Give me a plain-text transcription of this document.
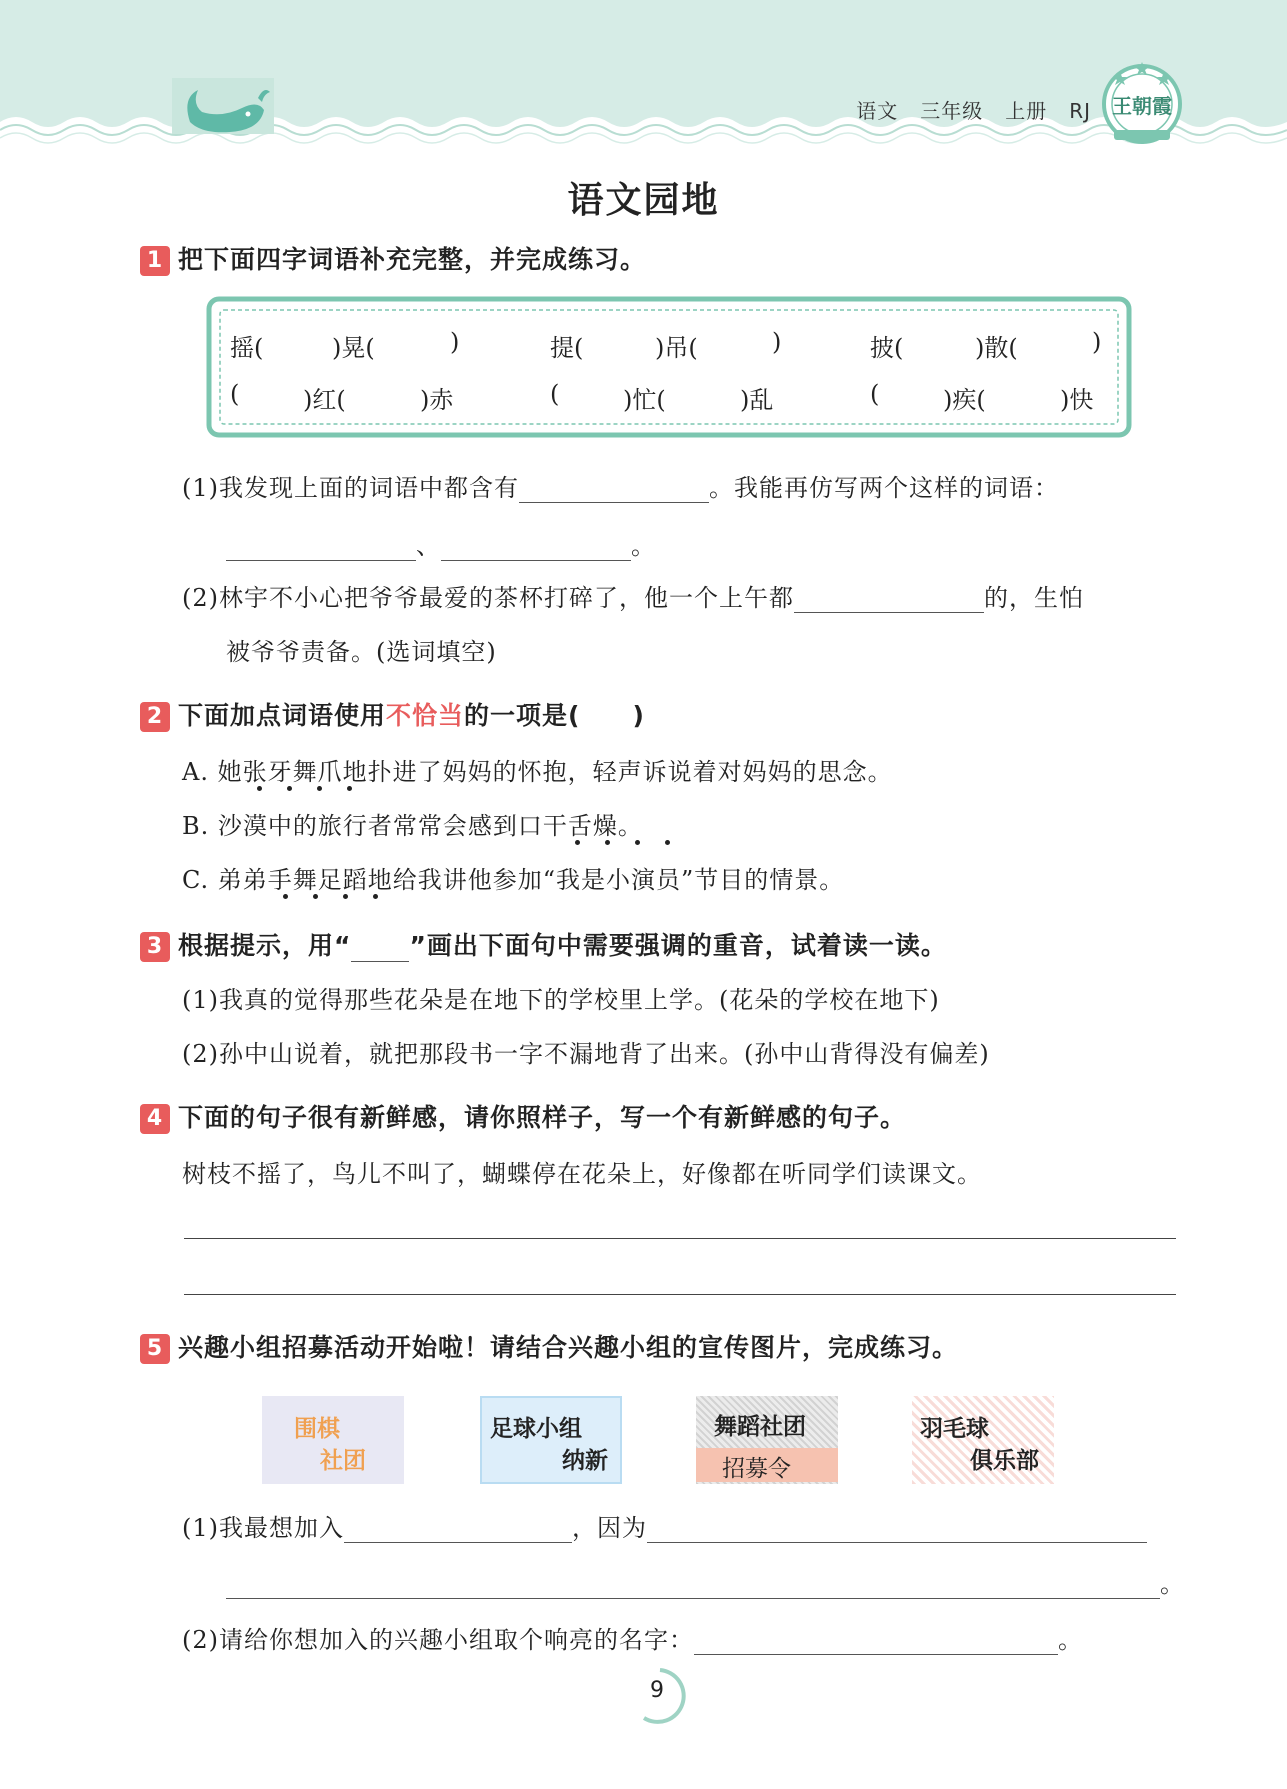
语文 三年级 上册 RJ 王朝霞
语文园地
1 把下面四字词语补充完整，并完成练习。
摇(	)晃(	)	提(	)吊(	)	披(	)散(	)
(	)红(	)赤	(	)忙(	)乱	(	)疾(	)快
(1)我发现上面的词语中都含有	。我能再仿写两个这样的词语：
、	。
(2)林宇不小心把爷爷最爱的茶杯打碎了，他一个上午都	的，生怕
被爷爷责备。(选词填空)
2 下面加点词语使用不恰当的一项是(　　)
A. 她张牙舞爪地扑进了妈妈的怀抱，轻声诉说着对妈妈的思念。
B. 沙漠中的旅行者常常会感到口干舌燥。
C. 弟弟手舞足蹈地给我讲他参加“我是小演员”节目的情景。
3 根据提示，用“ ”画出下面句中需要强调的重音，试着读一读。
(1)我真的觉得那些花朵是在地下的学校里上学。(花朵的学校在地下)
(2)孙中山说着，就把那段书一字不漏地背了出来。(孙中山背得没有偏差)
4 下面的句子很有新鲜感，请你照样子，写一个有新鲜感的句子。
树枝不摇了，鸟儿不叫了，蝴蝶停在花朵上，好像都在听同学们读课文。
5 兴趣小组招募活动开始啦！请结合兴趣小组的宣传图片，完成练习。
围棋
社团
足球小组
纳新
舞蹈社团
招募令
羽毛球
俱乐部
(1)我最想加入	，因为
。
(2)请给你想加入的兴趣小组取个响亮的名字：	。
9
